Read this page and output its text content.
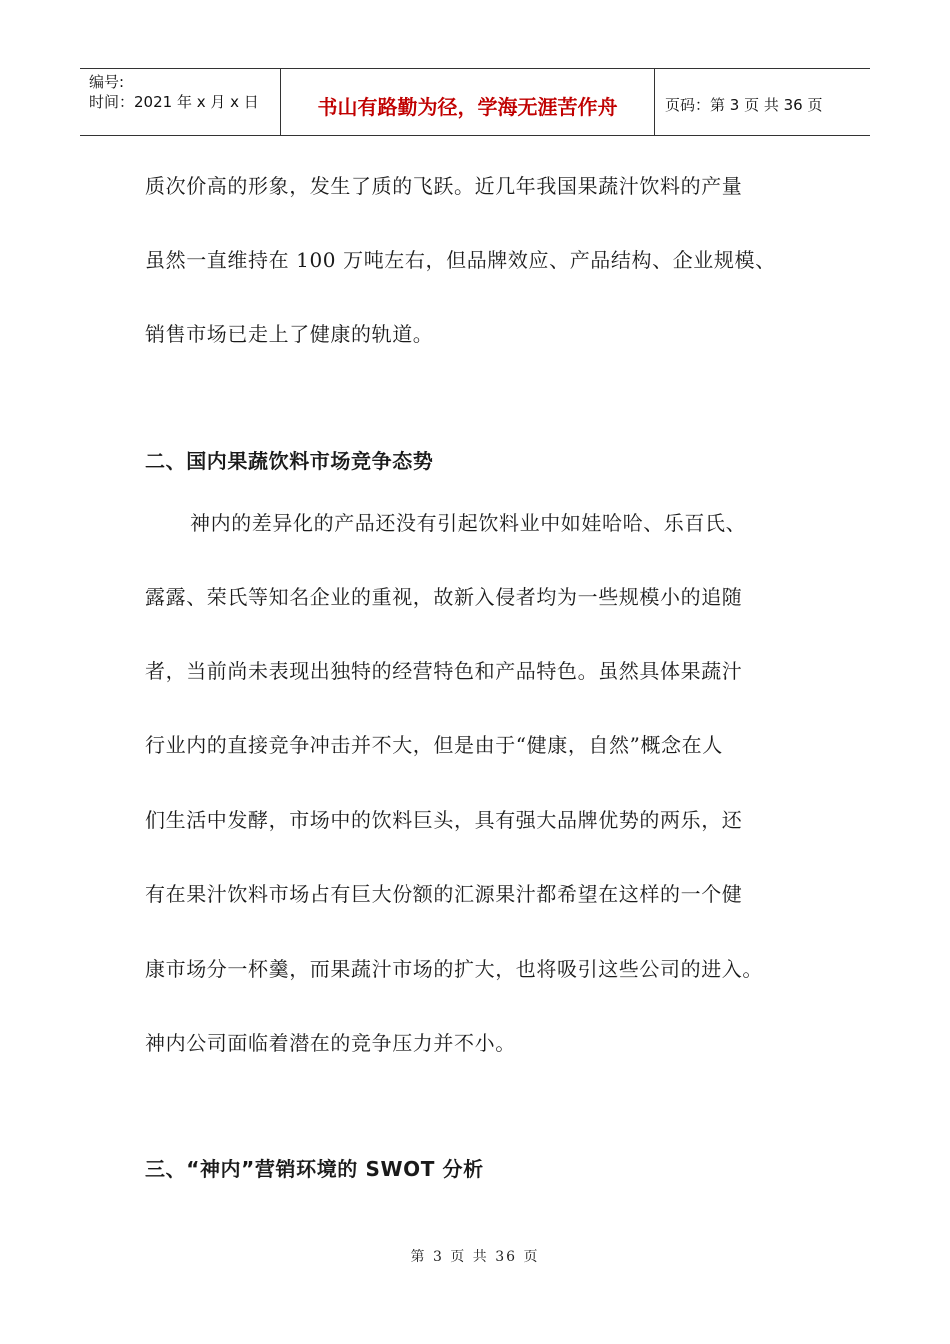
编号:
时间：2021 年 x 月 x 日	书山有路勤为径，学海无涯苦作舟	页码：第 3 页 共 36 页
质次价高的形象，发生了质的飞跃。近几年我国果蔬汁饮料的产量
虽然一直维持在 100 万吨左右，但品牌效应、产品结构、企业规模、
销售市场已走上了健康的轨道。
二、国内果蔬饮料市场竞争态势
神内的差异化的产品还没有引起饮料业中如娃哈哈、乐百氏、
露露、荣氏等知名企业的重视，故新入侵者均为一些规模小的追随
者，当前尚未表现出独特的经营特色和产品特色。虽然具体果蔬汁
行业内的直接竞争冲击并不大，但是由于“健康，自然”概念在人
们生活中发酵，市场中的饮料巨头，具有强大品牌优势的两乐，还
有在果汁饮料市场占有巨大份额的汇源果汁都希望在这样的一个健
康市场分一杯羹，而果蔬汁市场的扩大，也将吸引这些公司的进入。
神内公司面临着潜在的竞争压力并不小。
三、“神内”营销环境的 SWOT 分析
第 3 页 共 36 页
